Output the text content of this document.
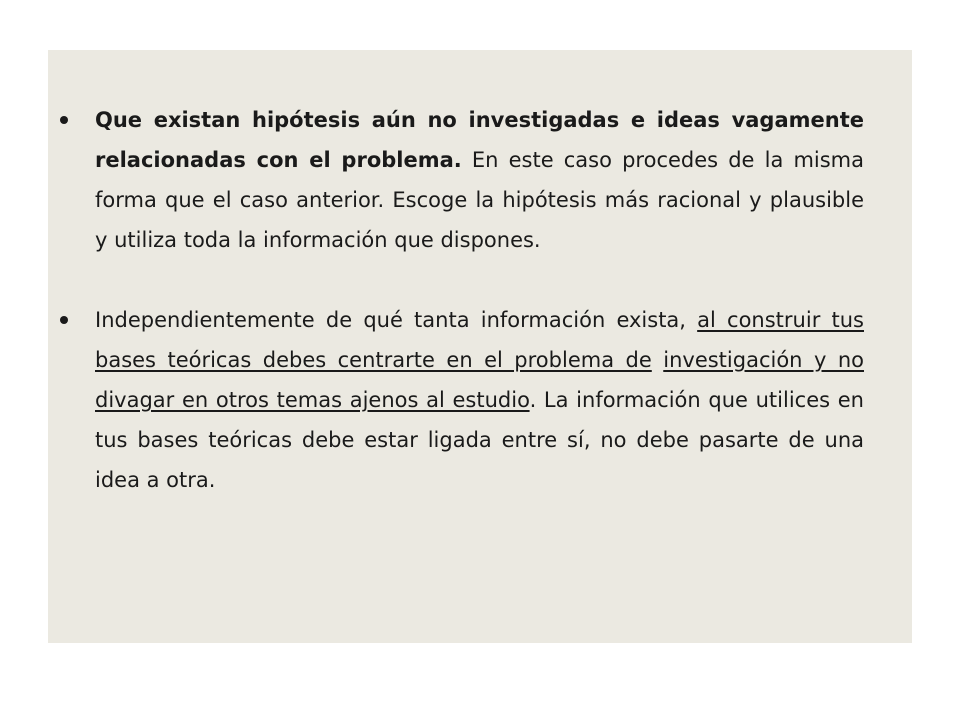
Que existan hipótesis aún no investigadas e ideas vagamente relacionadas con el problema. En este caso procedes de la misma forma que el caso anterior. Escoge la hipótesis más racional y plausible y utiliza toda la información que dispones.
Independientemente de qué tanta información exista, al construir tus bases teóricas debes centrarte en el problema de investigación y no divagar en otros temas ajenos al estudio. La información que utilices en tus bases teóricas debe estar ligada entre sí, no debe pasarte de una idea a otra.
